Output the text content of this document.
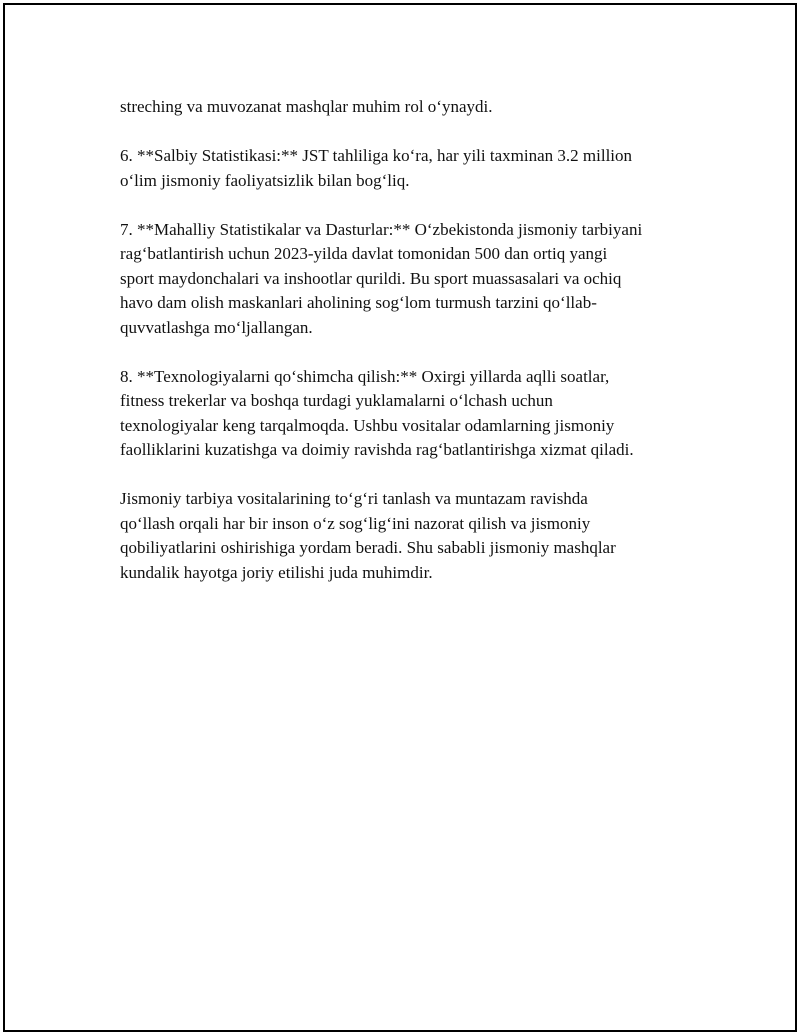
streching va muvozanat mashqlar muhim rol o‘ynaydi.

6. **Salbiy Statistikasi:** JST tahliliga ko‘ra, har yili taxminan 3.2 million
o‘lim jismoniy faoliyatsizlik bilan bog‘liq.

7. **Mahalliy Statistikalar va Dasturlar:** O‘zbekistonda jismoniy tarbiyani
rag‘batlantirish uchun 2023-yilda davlat tomonidan 500 dan ortiq yangi
sport maydonchalari va inshootlar qurildi. Bu sport muassasalari va ochiq
havo dam olish maskanlari aholining sog‘lom turmush tarzini qo‘llab-
quvvatlashga mo‘ljallangan.

8. **Texnologiyalarni qo‘shimcha qilish:** Oxirgi yillarda aqlli soatlar,
fitness trekerlar va boshqa turdagi yuklamalarni o‘lchash uchun
texnologiyalar keng tarqalmoqda. Ushbu vositalar odamlarning jismoniy
faolliklarini kuzatishga va doimiy ravishda rag‘batlantirishga xizmat qiladi.

Jismoniy tarbiya vositalarining to‘g‘ri tanlash va muntazam ravishda
qo‘llash orqali har bir inson o‘z sog‘lig‘ini nazorat qilish va jismoniy
qobiliyatlarini oshirishiga yordam beradi. Shu sababli jismoniy mashqlar
kundalik hayotga joriy etilishi juda muhimdir.
